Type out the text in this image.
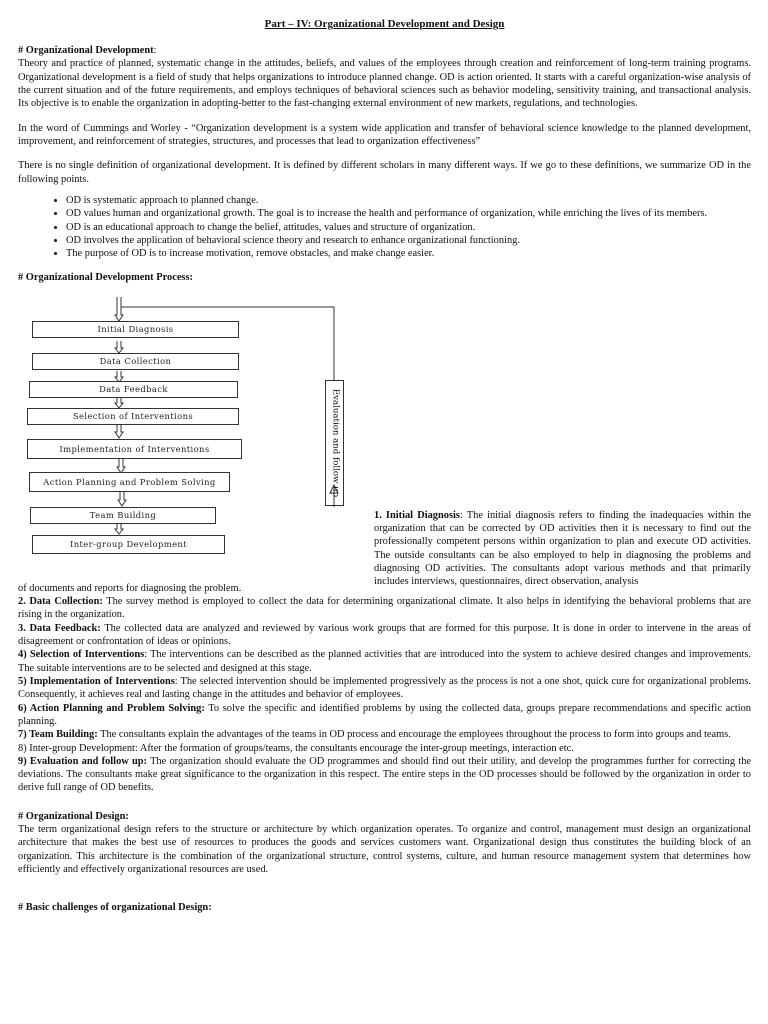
Part – IV: Organizational Development and Design

# Organizational Development:

Theory and practice of planned, systematic change in the attitudes, beliefs, and values of the employees through creation and reinforcement of long-term training programs. Organizational development is a field of study that helps organizations to introduce planned change. OD is action oriented. It starts with a careful organization-wise analysis of the current situation and of the future requirements, and employs techniques of behavioral sciences such as behavior modeling, sensitivity training, and transactional analysis. Its objective is to enable the organization in adopting-better to the fast-changing external environment of new markets, regulations, and technologies.

In the word of Cummings and Worley - “Organization development is a system wide application and transfer of behavioral science knowledge to the planned development, improvement, and reinforcement of strategies, structures, and processes that lead to organization effectiveness”

There is no single definition of organizational development. It is defined by different scholars in many different ways. If we go to these definitions, we summarize OD in the following points.

• OD is systematic approach to planned change.
• OD values human and organizational growth. The goal is to increase the health and performance of organization, while enriching the lives of its members.
• OD is an educational approach to change the belief, attitudes, values and structure of organization.
• OD involves the application of behavioral science theory and research to enhance organizational functioning.
• The purpose of OD is to increase motivation, remove obstacles, and make change easier.

# Organizational Development Process:

Initial Diagnosis
Data Collection
Data Feedback
Selection of Interventions
Implementation of Interventions
Action Planning and Problem Solving
Team Building
Inter-group Development
Evaluation and follow up

1. Initial Diagnosis: The initial diagnosis refers to finding the inadequacies within the organization that can be corrected by OD activities then it is necessary to find out the professionally competent persons within organization to plan and execute OD activities. The outside consultants can be also employed to help in diagnosing the problems and diagnosing OD activities. The consultants adopt various methods and that primarily includes interviews, questionnaires, direct observation, analysis

of documents and reports for diagnosing the problem.

2. Data Collection: The survey method is employed to collect the data for determining organizational climate. It also helps in identifying the behavioral problems that are rising in the organization.

3. Data Feedback: The collected data are analyzed and reviewed by various work groups that are formed for this purpose. It is done in order to intervene in the areas of disagreement or confrontation of ideas or opinions.

4) Selection of Interventions: The interventions can be described as the planned activities that are introduced into the system to achieve desired changes and improvements. The suitable interventions are to be selected and designed at this stage.

5) Implementation of Interventions: The selected intervention should be implemented progressively as the process is not a one shot, quick cure for organizational problems. Consequently, it achieves real and lasting change in the attitudes and behavior of employees.

6) Action Planning and Problem Solving: To solve the specific and identified problems by using the collected data, groups prepare recommendations and specific action planning.

7) Team Building: The consultants explain the advantages of the teams in OD process and encourage the employees throughout the process to form into groups and teams.

8) Inter-group Development: After the formation of groups/teams, the consultants encourage the inter-group meetings, interaction etc.

9) Evaluation and follow up: The organization should evaluate the OD programmes and should find out their utility, and develop the programmes further for correcting the deviations. The consultants make great significance to the organization in this respect. The entire steps in the OD processes should be followed by the organization in order to derive full range of OD benefits.

# Organizational Design:

The term organizational design refers to the structure or architecture by which organization operates. To organize and control, management must design an organizational architecture that makes the best use of resources to produces the goods and services customers want. Organizational design thus constitutes the building block of an organization. This architecture is the combination of the organizational structure, control systems, culture, and human resource management system that determines how efficiently and effectively organizational resources are used.

# Basic challenges of organizational Design:
